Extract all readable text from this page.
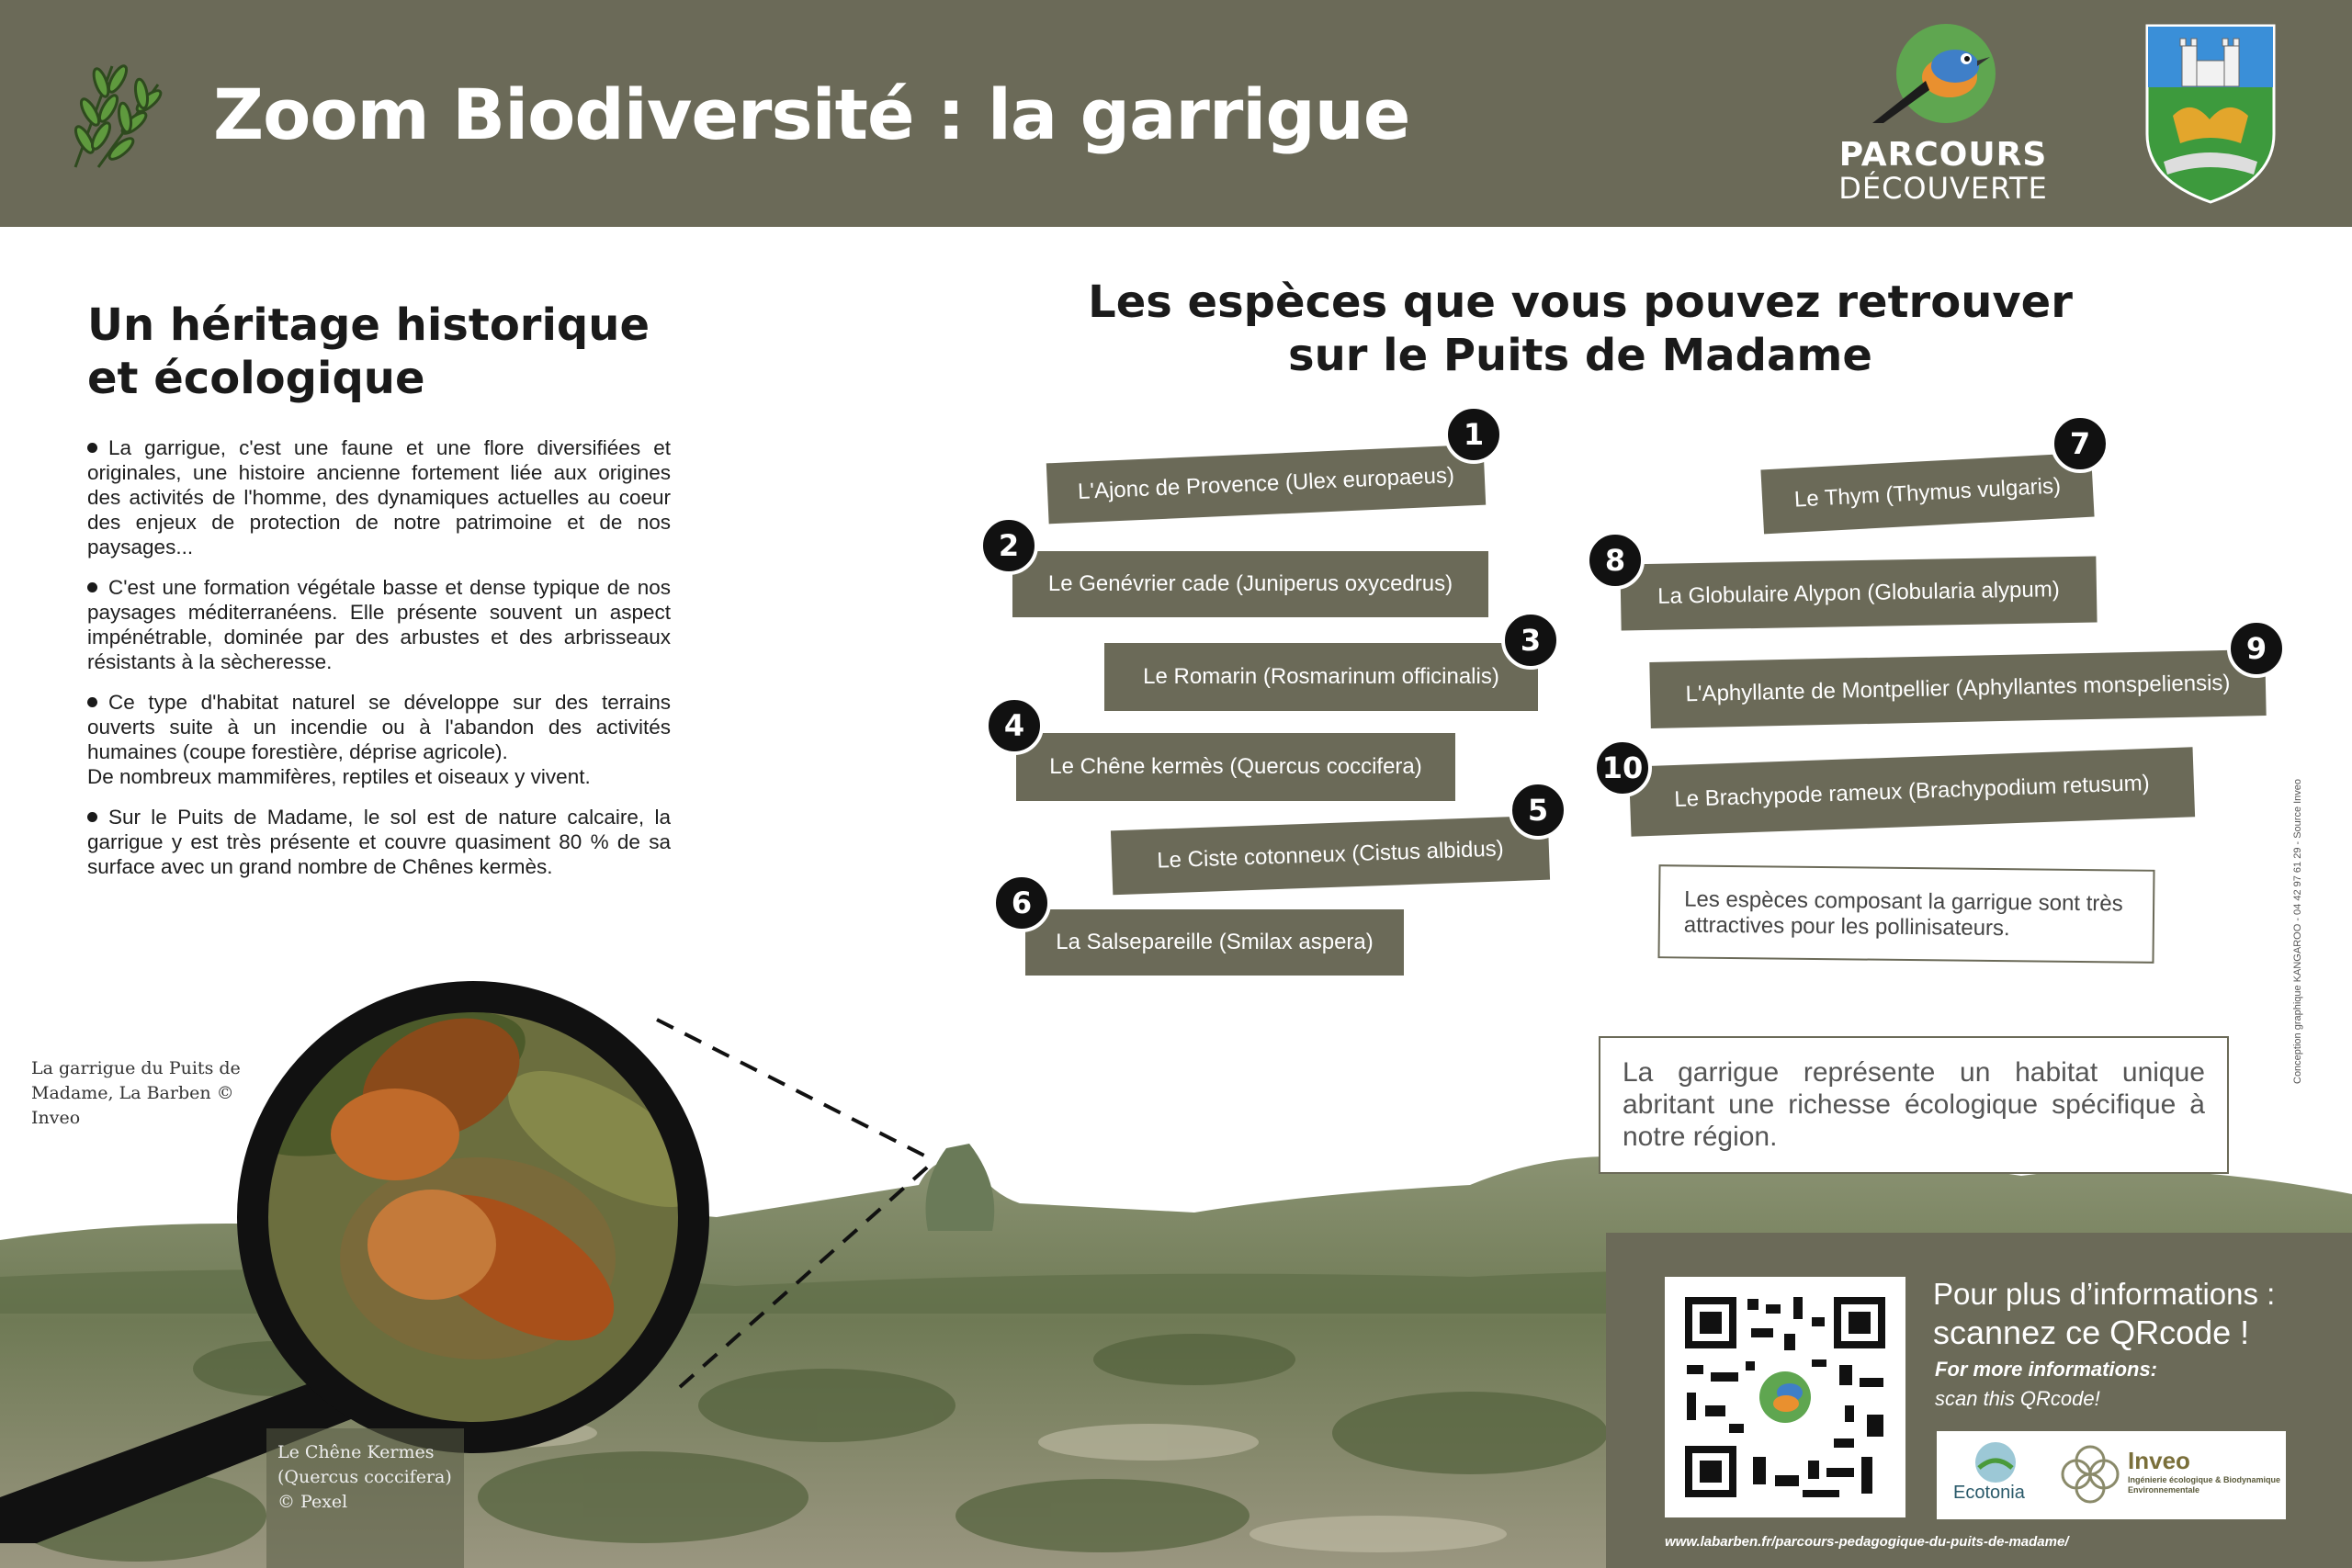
Zoom Biodiversité : la garrigue	PARCOURS
DÉCOUVERTE
Un héritage historique
et écologique
La garrigue, c'est une faune et une flore diversifiées et originales, une histoire ancienne fortement liée aux origines des activités de l'homme, des dynamiques actuelles au coeur des enjeux de protection de notre patrimoine et de nos paysages...
C'est une formation végétale basse et dense typique de nos paysages méditerranéens. Elle présente souvent un aspect impénétrable, dominée par des arbustes et des arbrisseaux résistants à la sècheresse.
Ce type d'habitat naturel se développe sur des terrains ouverts suite à un incendie ou à l'abandon des activités humaines (coupe forestière, déprise agricole).
De nombreux mammifères, reptiles et oiseaux y vivent.
Sur le Puits de Madame, le sol est de nature calcaire, la garrigue y est très présente et couvre quasiment 80 % de sa surface avec un grand nombre de Chênes kermès.
Les espèces que vous pouvez retrouver
sur le Puits de Madame
L'Ajonc de Provence (Ulex europaeus)
1
Le Genévrier cade (Juniperus oxycedrus)
2
Le Romarin (Rosmarinum officinalis)
3
Le Chêne kermès (Quercus coccifera)
4
Le Ciste cotonneux (Cistus albidus)
5
La Salsepareille (Smilax aspera)
6
Le Thym (Thymus vulgaris)
7
La Globulaire Alypon (Globularia alypum)
8
L'Aphyllante de Montpellier (Aphyllantes monspeliensis)
9
Le Brachypode rameux (Brachypodium retusum)
10
Les espèces composant la garrigue sont très attractives pour les pollinisateurs.
La garrigue du Puits de Madame, La Barben © Inveo
Le Chêne Kermes
(Quercus coccifera)
© Pexel
La garrigue représente un habitat unique abritant une richesse écologique spécifique à notre région.
Pour plus d’informations :
scannez ce QRcode !
For more informations:
scan this QRcode!
Ecotonia
Inveo
Ingénierie écologique & Biodynamique Environnementale
www.labarben.fr/parcours-pedagogique-du-puits-de-madame/
Conception graphique KANGAROO - 04 42 97 61 29 - Source Inveo
